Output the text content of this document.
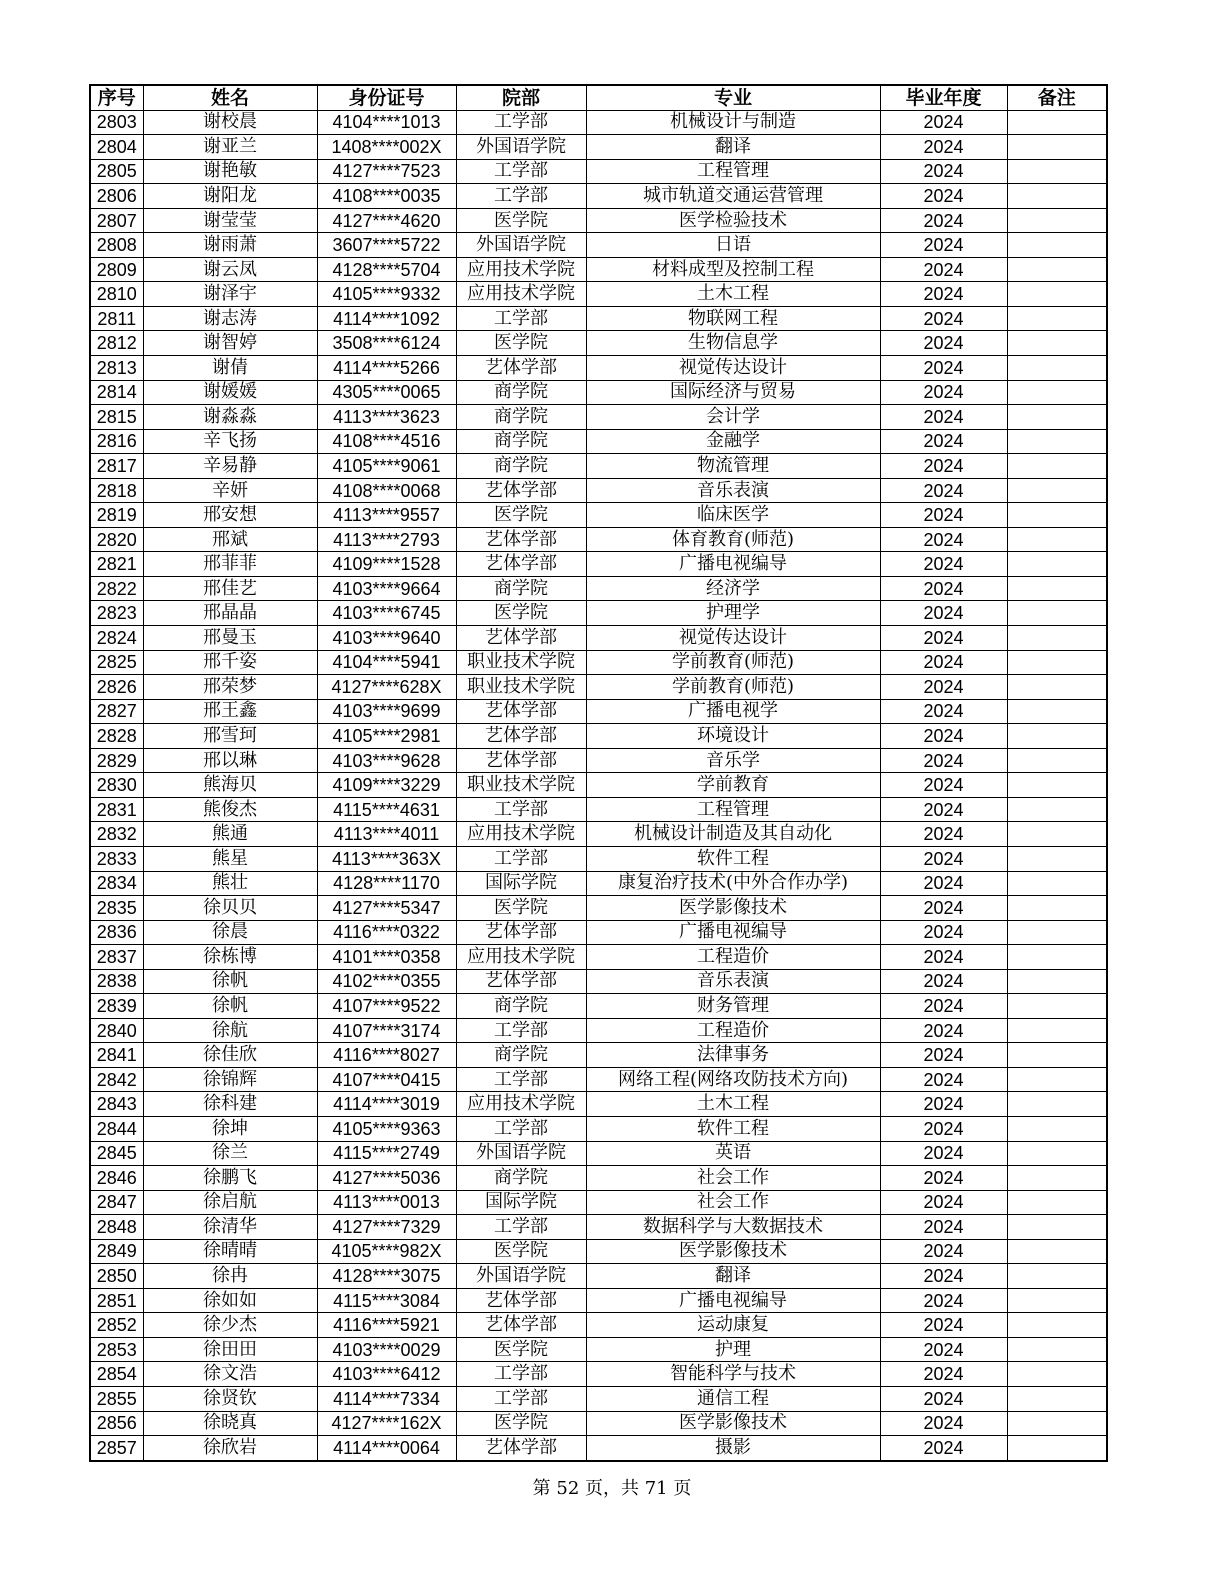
序号	姓名	身份证号	院部	专业	毕业年度	备注
2803	谢校晨	4104****1013	工学部	机械设计与制造	2024	
2804	谢亚兰	1408****002X	外国语学院	翻译	2024	
2805	谢艳敏	4127****7523	工学部	工程管理	2024	
2806	谢阳龙	4108****0035	工学部	城市轨道交通运营管理	2024	
2807	谢莹莹	4127****4620	医学院	医学检验技术	2024	
2808	谢雨萧	3607****5722	外国语学院	日语	2024	
2809	谢云凤	4128****5704	应用技术学院	材料成型及控制工程	2024	
2810	谢泽宇	4105****9332	应用技术学院	土木工程	2024	
2811	谢志涛	4114****1092	工学部	物联网工程	2024	
2812	谢智婷	3508****6124	医学院	生物信息学	2024	
2813	谢倩	4114****5266	艺体学部	视觉传达设计	2024	
2814	谢媛媛	4305****0065	商学院	国际经济与贸易	2024	
2815	谢淼淼	4113****3623	商学院	会计学	2024	
2816	辛飞扬	4108****4516	商学院	金融学	2024	
2817	辛易静	4105****9061	商学院	物流管理	2024	
2818	辛妍	4108****0068	艺体学部	音乐表演	2024	
2819	邢安想	4113****9557	医学院	临床医学	2024	
2820	邢斌	4113****2793	艺体学部	体育教育(师范)	2024	
2821	邢菲菲	4109****1528	艺体学部	广播电视编导	2024	
2822	邢佳艺	4103****9664	商学院	经济学	2024	
2823	邢晶晶	4103****6745	医学院	护理学	2024	
2824	邢曼玉	4103****9640	艺体学部	视觉传达设计	2024	
2825	邢千姿	4104****5941	职业技术学院	学前教育(师范)	2024	
2826	邢荣梦	4127****628X	职业技术学院	学前教育(师范)	2024	
2827	邢王鑫	4103****9699	艺体学部	广播电视学	2024	
2828	邢雪珂	4105****2981	艺体学部	环境设计	2024	
2829	邢以琳	4103****9628	艺体学部	音乐学	2024	
2830	熊海贝	4109****3229	职业技术学院	学前教育	2024	
2831	熊俊杰	4115****4631	工学部	工程管理	2024	
2832	熊通	4113****4011	应用技术学院	机械设计制造及其自动化	2024	
2833	熊星	4113****363X	工学部	软件工程	2024	
2834	熊壮	4128****1170	国际学院	康复治疗技术(中外合作办学)	2024	
2835	徐贝贝	4127****5347	医学院	医学影像技术	2024	
2836	徐晨	4116****0322	艺体学部	广播电视编导	2024	
2837	徐栋博	4101****0358	应用技术学院	工程造价	2024	
2838	徐帆	4102****0355	艺体学部	音乐表演	2024	
2839	徐帆	4107****9522	商学院	财务管理	2024	
2840	徐航	4107****3174	工学部	工程造价	2024	
2841	徐佳欣	4116****8027	商学院	法律事务	2024	
2842	徐锦辉	4107****0415	工学部	网络工程(网络攻防技术方向)	2024	
2843	徐科建	4114****3019	应用技术学院	土木工程	2024	
2844	徐坤	4105****9363	工学部	软件工程	2024	
2845	徐兰	4115****2749	外国语学院	英语	2024	
2846	徐鹏飞	4127****5036	商学院	社会工作	2024	
2847	徐启航	4113****0013	国际学院	社会工作	2024	
2848	徐清华	4127****7329	工学部	数据科学与大数据技术	2024	
2849	徐晴晴	4105****982X	医学院	医学影像技术	2024	
2850	徐冉	4128****3075	外国语学院	翻译	2024	
2851	徐如如	4115****3084	艺体学部	广播电视编导	2024	
2852	徐少杰	4116****5921	艺体学部	运动康复	2024	
2853	徐田田	4103****0029	医学院	护理	2024	
2854	徐文浩	4103****6412	工学部	智能科学与技术	2024	
2855	徐贤钦	4114****7334	工学部	通信工程	2024	
2856	徐晓真	4127****162X	医学院	医学影像技术	2024	
2857	徐欣岩	4114****0064	艺体学部	摄影	2024	
第 52 页，共 71 页
